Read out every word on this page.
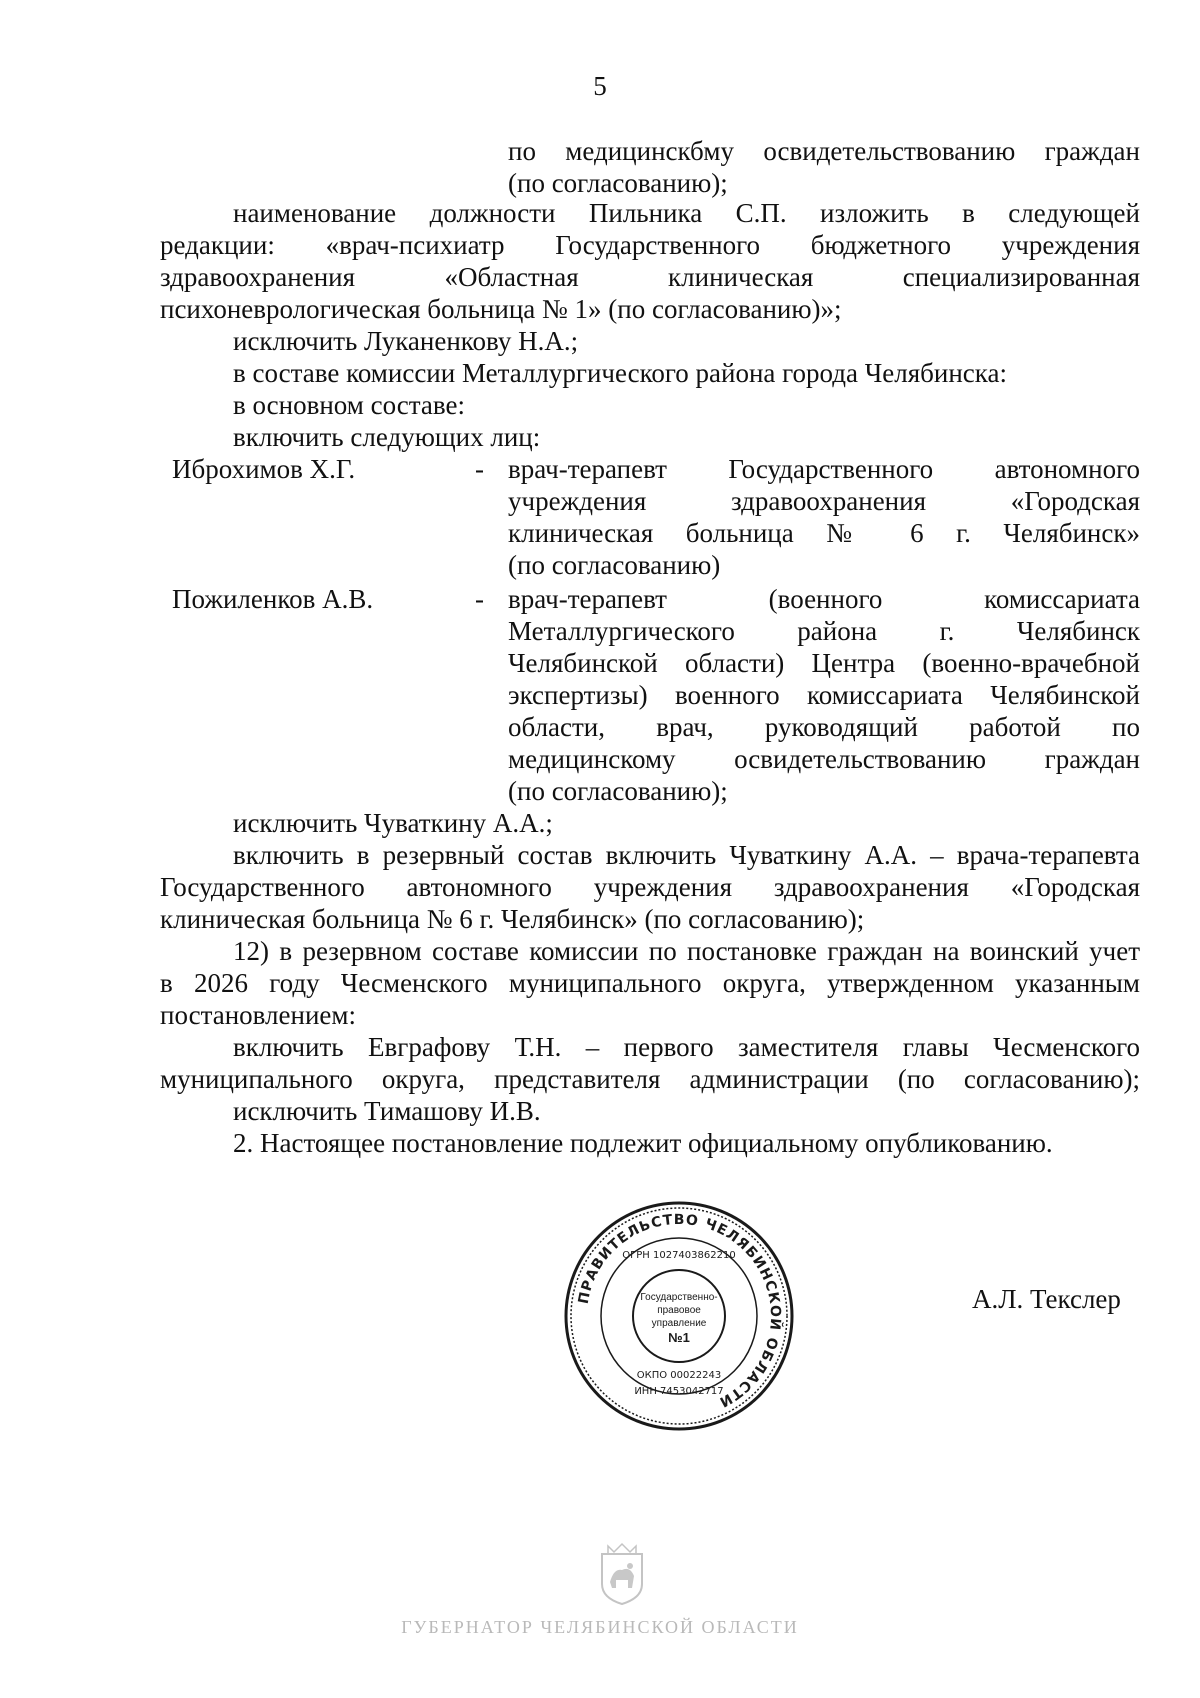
5
по медицинскбму освидетельствованию граждан
(по согласованию);
наименование должности Пильника С.П. изложить в следующей
редакции: «врач-психиатр Государственного бюджетного учреждения
здравоохранения «Областная клиническая специализированная
психоневрологическая больница № 1» (по согласованию)»;
исключить Луканенкову Н.А.;
в составе комиссии Металлургического района города Челябинска:
в основном составе:
включить следующих лиц:
Иброхимов Х.Г.	- врач-терапевт Государственного автономного
учреждения здравоохранения «Городская
клиническая больница № 6 г. Челябинск»
(по согласованию)
Пожиленков А.В.	- врач-терапевт (военного комиссариата
Металлургического района г. Челябинск
Челябинской области) Центра (военно-врачебной
экспертизы) военного комиссариата Челябинской
области, врач, руководящий работой по
медицинскому освидетельствованию граждан
(по согласованию);
исключить Чуваткину А.А.;
включить в резервный состав включить Чуваткину А.А. – врача-терапевта
Государственного автономного учреждения здравоохранения «Городская
клиническая больница № 6 г. Челябинск» (по согласованию);
12) в резервном составе комиссии по постановке граждан на воинский учет
в 2026 году Чесменского муниципального округа, утвержденном указанным
постановлением:
включить Евграфову Т.Н. – первого заместителя главы Чесменского
муниципального округа, представителя администрации (по согласованию);
исключить Тимашову И.В.
2. Настоящее постановление подлежит официальному опубликованию.
ПРАВИТЕЛЬСТВО ЧЕЛЯБИНСКОЙ ОБЛАСТИ
ОГРН 1027403862210
ОКПО 00022243
ИНН 7453042717
Государственно-
правовое
управление
№1
А.Л. Текслер
ГУБЕРНАТОР ЧЕЛЯБИНСКОЙ ОБЛАСТИ
